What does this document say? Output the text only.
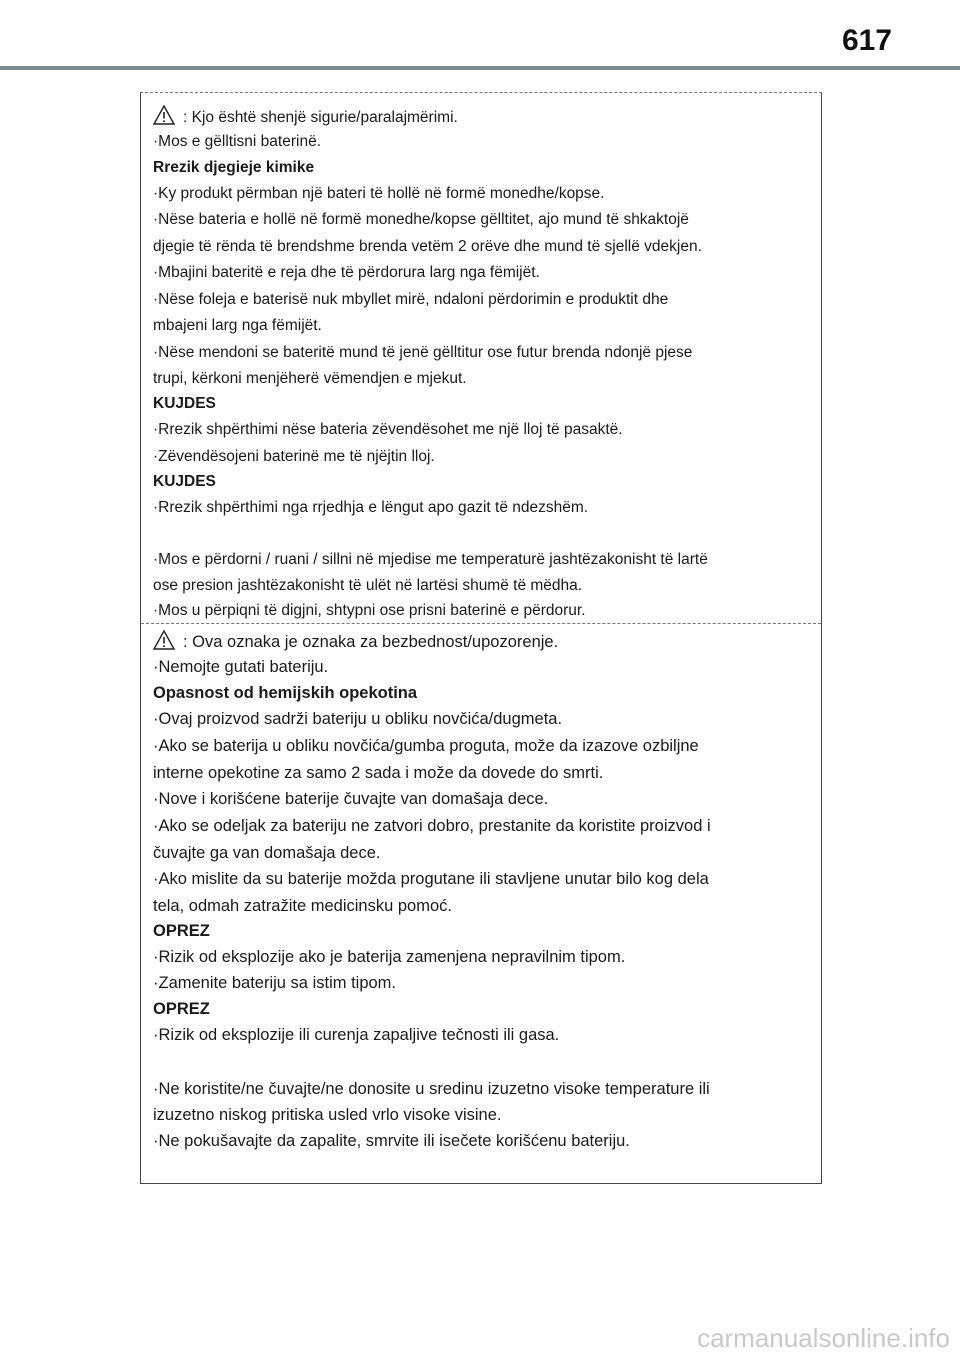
617
: Kjo është shenjë sigurie/paralajmërimi.
·Mos e gëlltisni baterinë.
Rrezik djegieje kimike
·Ky produkt përmban një bateri të hollë në formë monedhe/kopse.
·Nëse bateria e hollë në formë monedhe/kopse gëlltitet, ajo mund të shkaktojë
djegie të rënda të brendshme brenda vetëm 2 orëve dhe mund të sjellë vdekjen.
·Mbajini bateritë e reja dhe të përdorura larg nga fëmijët.
·Nëse foleja e baterisë nuk mbyllet mirë, ndaloni përdorimin e produktit dhe
mbajeni larg nga fëmijët.
·Nëse mendoni se bateritë mund të jenë gëlltitur ose futur brenda ndonjë pjese
trupi, kërkoni menjëherë vëmendjen e mjekut.
KUJDES
·Rrezik shpërthimi nëse bateria zëvendësohet me një lloj të pasaktë.
·Zëvendësojeni baterinë me të njëjtin lloj.
KUJDES
·Rrezik shpërthimi nga rrjedhja e lëngut apo gazit të ndezshëm.
·Mos e përdorni / ruani / sillni në mjedise me temperaturë jashtëzakonisht të lartë
ose presion jashtëzakonisht të ulët në lartësi shumë të mëdha.
·Mos u përpiqni të digjni, shtypni ose prisni baterinë e përdorur.
: Ova oznaka je oznaka za bezbednost/upozorenje.
·Nemojte gutati bateriju.
Opasnost od hemijskih opekotina
·Ovaj proizvod sadrži bateriju u obliku novčića/dugmeta.
·Ako se baterija u obliku novčića/gumba proguta, može da izazove ozbiljne
interne opekotine za samo 2 sada i može da dovede do smrti.
·Nove i korišćene baterije čuvajte van domašaja dece.
·Ako se odeljak za bateriju ne zatvori dobro, prestanite da koristite proizvod i
čuvajte ga van domašaja dece.
·Ako mislite da su baterije možda progutane ili stavljene unutar bilo kog dela
tela, odmah zatražite medicinsku pomoć.
OPREZ
·Rizik od eksplozije ako je baterija zamenjena nepravilnim tipom.
·Zamenite bateriju sa istim tipom.
OPREZ
·Rizik od eksplozije ili curenja zapaljive tečnosti ili gasa.
·Ne koristite/ne čuvajte/ne donosite u sredinu izuzetno visoke temperature ili
izuzetno niskog pritiska usled vrlo visoke visine.
·Ne pokušavajte da zapalite, smrvite ili isečete korišćenu bateriju.
carmanualsonline.info
